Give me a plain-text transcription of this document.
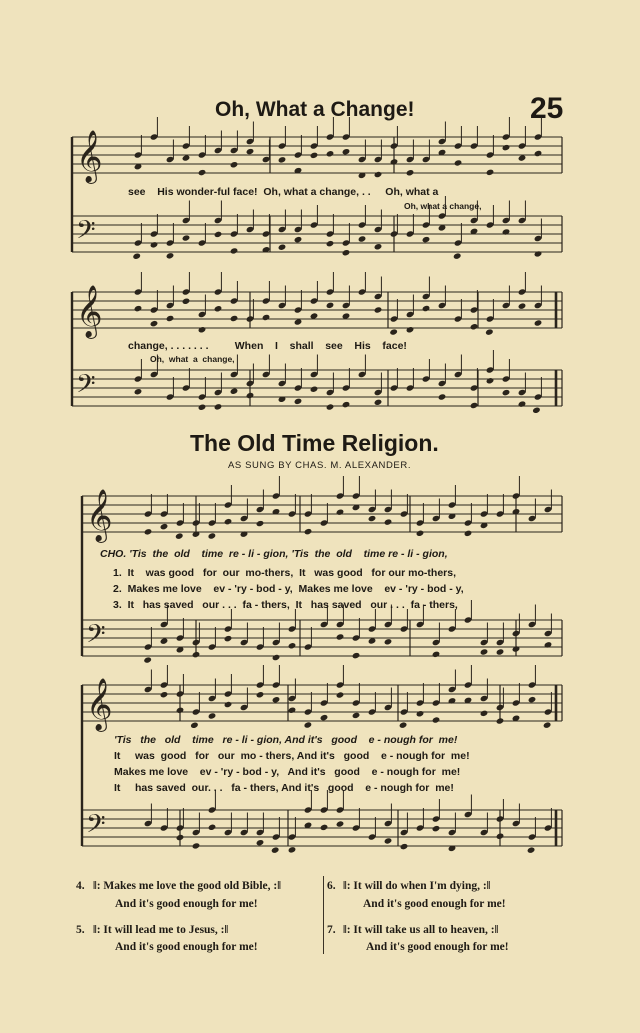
Oh, What a Change!	25
𝄞
𝄢
𝄞
𝄢
𝄞
𝄢
𝄞
𝄢
see    His wonder-ful face!  Oh, what a change, . .     Oh, what a
Oh, what a change,
change, . . . . . . .         When    I    shall    see    His    face!
Oh,  what  a  change,
The Old Time Religion.
AS SUNG BY CHAS. M. ALEXANDER.
CHO. 'Tis  the  old    time  re - li - gion, 'Tis  the  old    time re - li - gion,
1.  It    was good   for  our  mo-thers,  It   was good   for our mo-thers,
2.  Makes me love    ev - 'ry - bod - y,  Makes me love    ev - 'ry - bod - y,
3.  It   has saved   our . . .  fa - thers,  It   has saved   our . . .  fa - thers,
'Tis   the   old    time   re - li - gion, And it's   good    e - nough for  me!
It     was  good   for   our  mo - thers, And it's   good    e - nough for  me!
Makes me love    ev - 'ry - bod - y,   And it's   good    e - nough for  me!
It     has saved  our. . .   fa - thers, And it's   good    e - nough for  me!
4. ‖: Makes me love the good old Bible, :‖
And it's good enough for me!
5. ‖: It will lead me to Jesus, :‖
And it's good enough for me!
6. ‖: It will do when I'm dying, :‖
And it's good enough for me!
7. ‖: It will take us all to heaven, :‖
And it's good enough for me!
